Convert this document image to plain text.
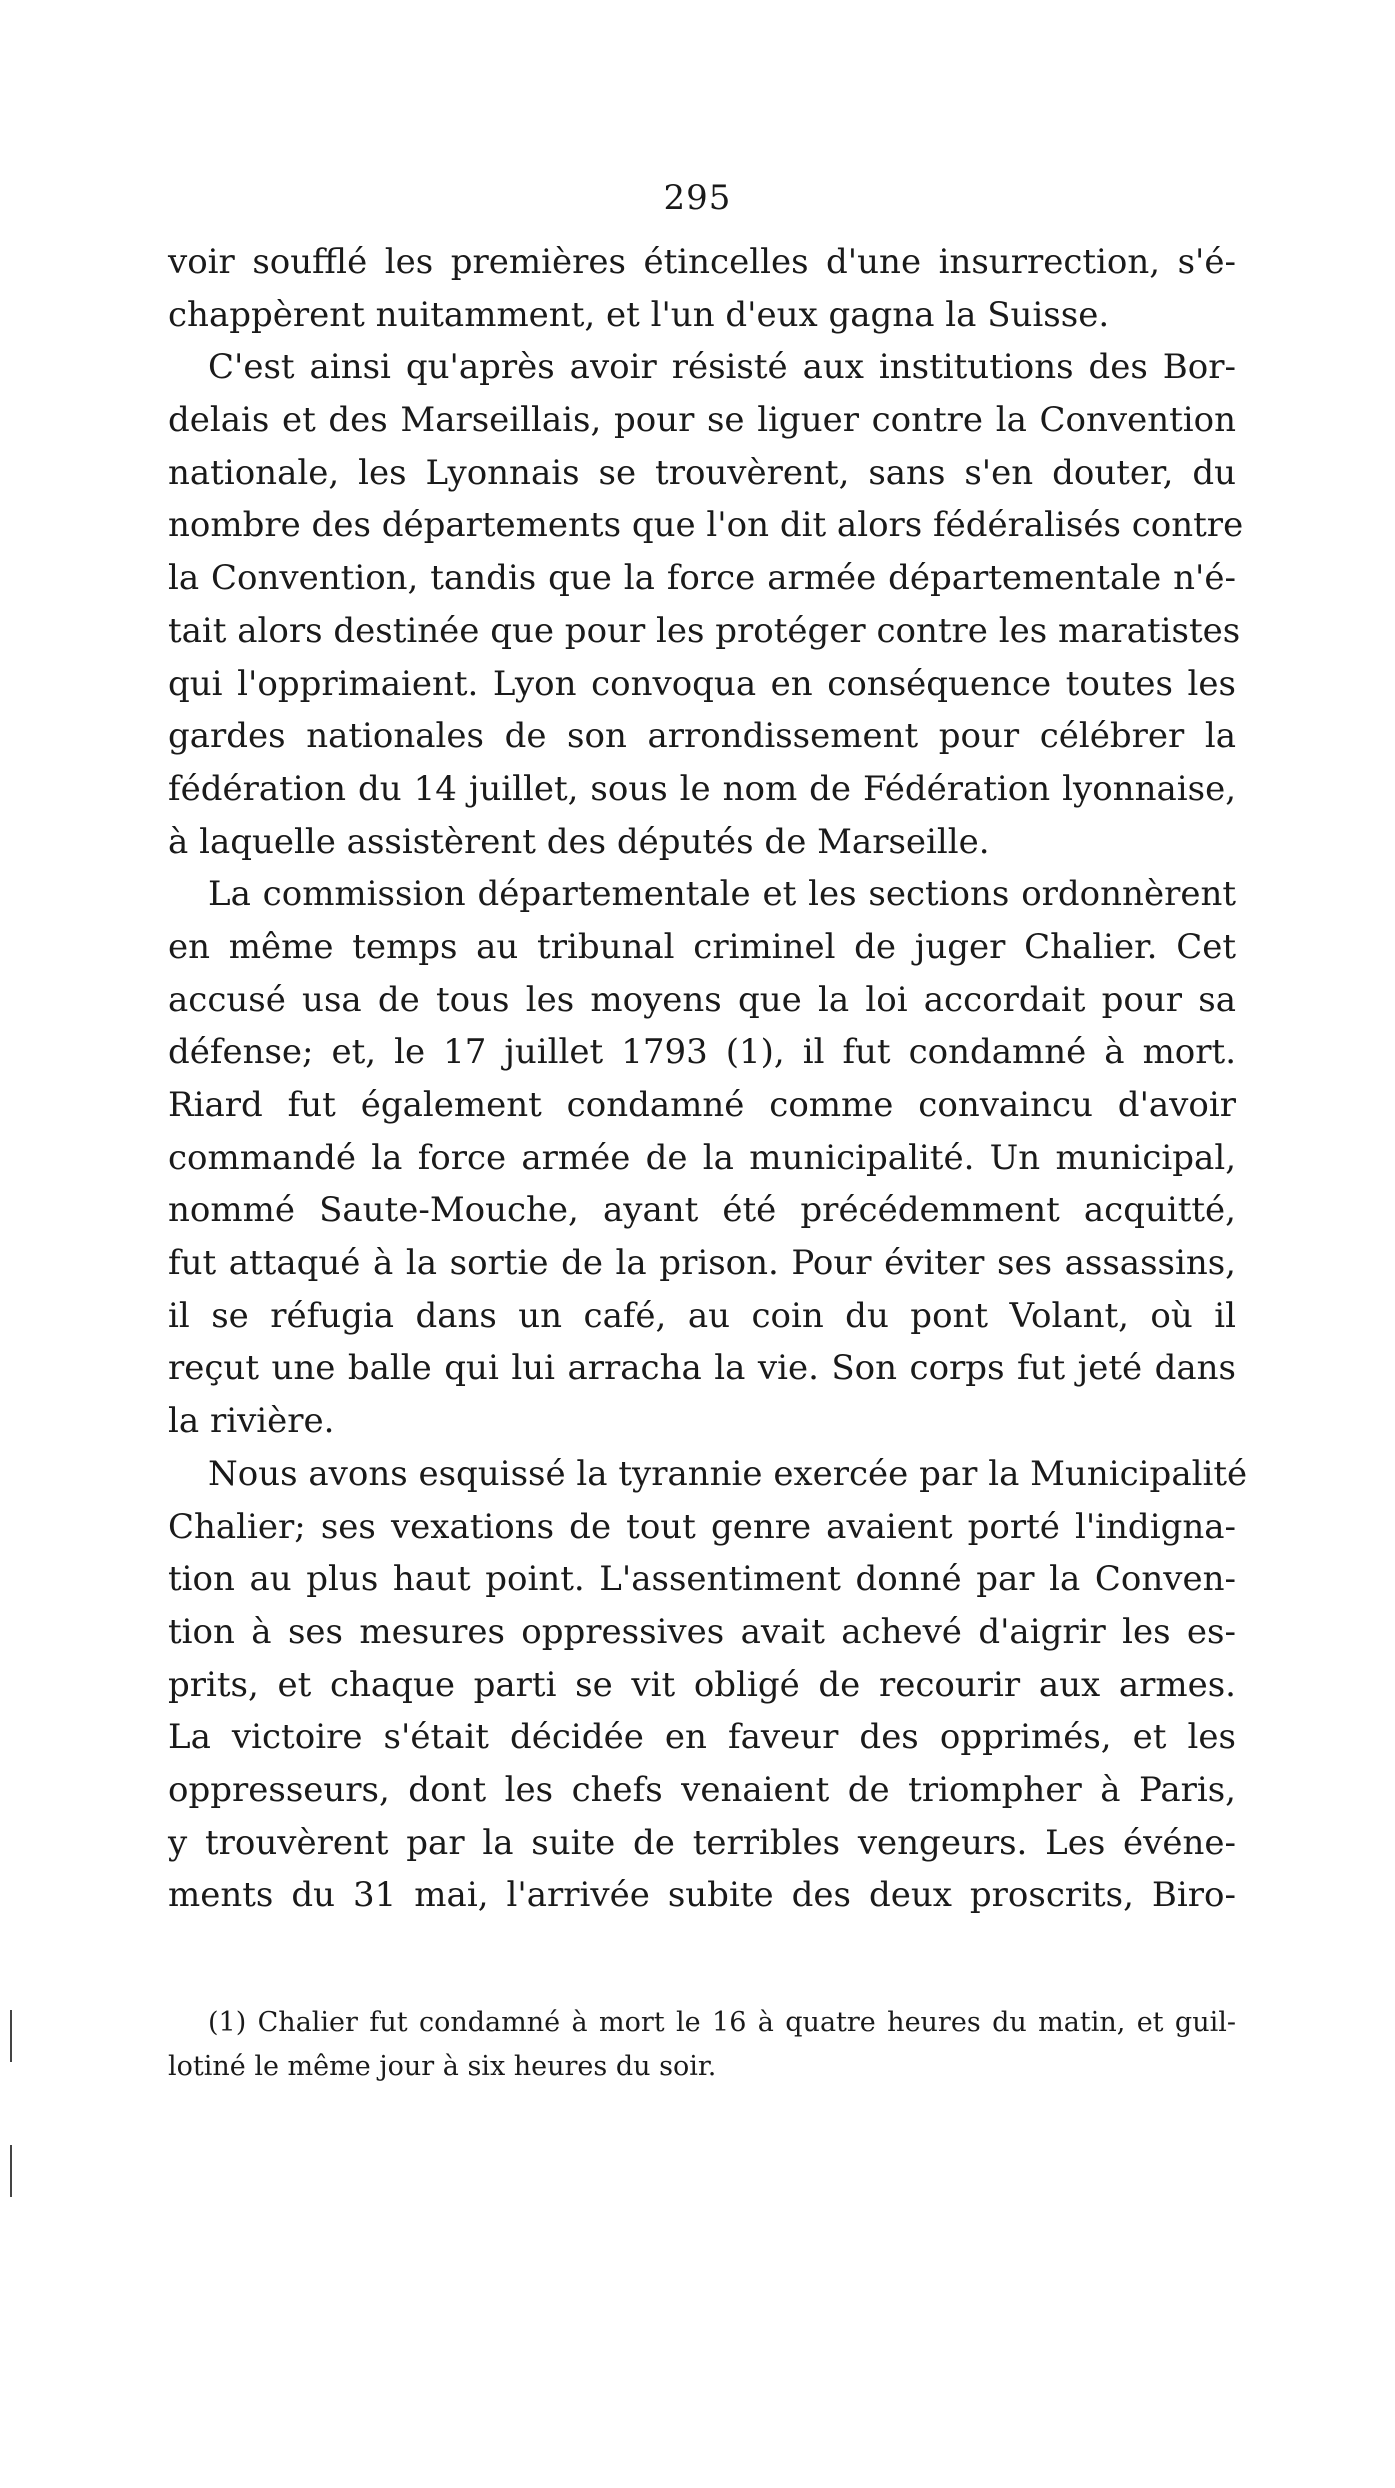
295
voir soufflé les premières étincelles d'une insurrection, s'é-
chappèrent nuitamment, et l'un d'eux gagna la Suisse.
C'est ainsi qu'après avoir résisté aux institutions des Bor-
delais et des Marseillais, pour se liguer contre la Convention
nationale, les Lyonnais se trouvèrent, sans s'en douter, du
nombre des départements que l'on dit alors fédéralisés contre
la Convention, tandis que la force armée départementale n'é-
tait alors destinée que pour les protéger contre les maratistes
qui l'opprimaient. Lyon convoqua en conséquence toutes les
gardes nationales de son arrondissement pour célébrer la
fédération du 14 juillet, sous le nom de Fédération lyonnaise,
à laquelle assistèrent des députés de Marseille.
La commission départementale et les sections ordonnèrent
en même temps au tribunal criminel de juger Chalier. Cet
accusé usa de tous les moyens que la loi accordait pour sa
défense; et, le 17 juillet 1793 (1), il fut condamné à mort.
Riard fut également condamné comme convaincu d'avoir
commandé la force armée de la municipalité. Un municipal,
nommé Saute-Mouche, ayant été précédemment acquitté,
fut attaqué à la sortie de la prison. Pour éviter ses assassins,
il se réfugia dans un café, au coin du pont Volant, où il
reçut une balle qui lui arracha la vie. Son corps fut jeté dans
la rivière.
Nous avons esquissé la tyrannie exercée par la Municipalité
Chalier; ses vexations de tout genre avaient porté l'indigna-
tion au plus haut point. L'assentiment donné par la Conven-
tion à ses mesures oppressives avait achevé d'aigrir les es-
prits, et chaque parti se vit obligé de recourir aux armes.
La victoire s'était décidée en faveur des opprimés, et les
oppresseurs, dont les chefs venaient de triompher à Paris,
y trouvèrent par la suite de terribles vengeurs. Les événe-
ments du 31 mai, l'arrivée subite des deux proscrits, Biro-
(1) Chalier fut condamné à mort le 16 à quatre heures du matin, et guil-
lotiné le même jour à six heures du soir.
